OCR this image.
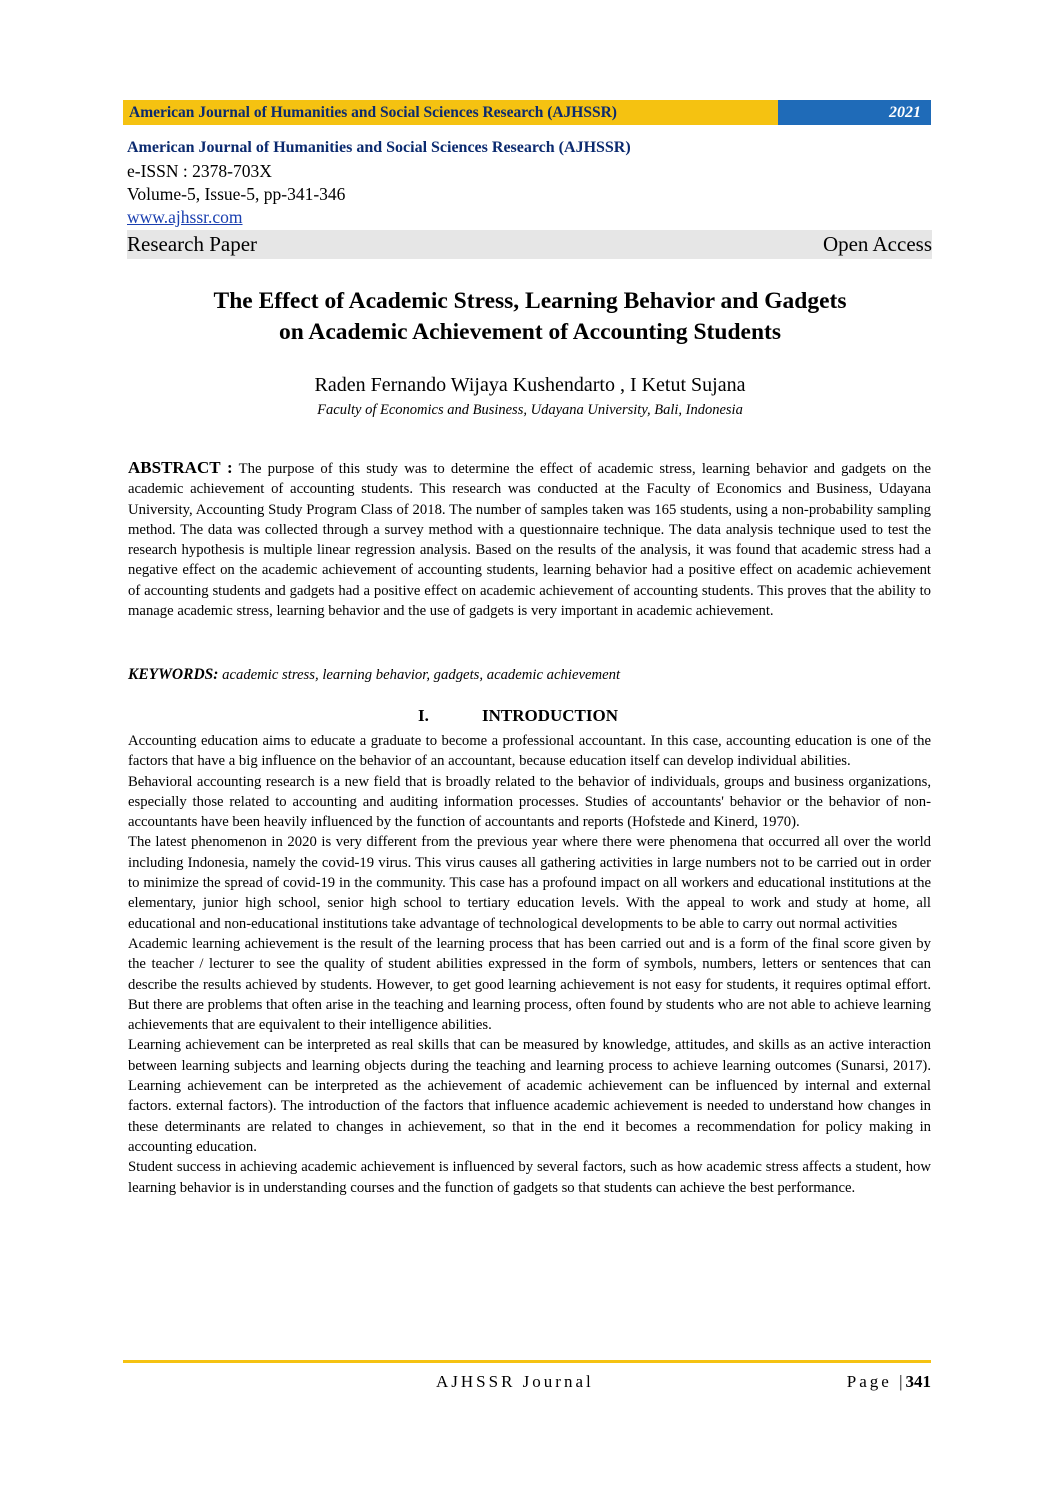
American Journal of Humanities and Social Sciences Research (AJHSSR)	2021
American Journal of Humanities and Social Sciences Research (AJHSSR)
e-ISSN : 2378-703X
Volume-5, Issue-5, pp-341-346
www.ajhssr.com
Research Paper	Open Access
The Effect of Academic Stress, Learning Behavior and Gadgets
on Academic Achievement of Accounting Students
Raden Fernando Wijaya Kushendarto , I Ketut Sujana
Faculty of Economics and Business, Udayana University, Bali, Indonesia
ABSTRACT : The purpose of this study was to determine the effect of academic stress, learning behavior and gadgets on the academic achievement of accounting students. This research was conducted at the Faculty of Economics and Business, Udayana University, Accounting Study Program Class of 2018. The number of samples taken was 165 students, using a non-probability sampling method. The data was collected through a survey method with a questionnaire technique. The data analysis technique used to test the research hypothesis is multiple linear regression analysis. Based on the results of the analysis, it was found that academic stress had a negative effect on the academic achievement of accounting students, learning behavior had a positive effect on academic achievement of accounting students and gadgets had a positive effect on academic achievement of accounting students. This proves that the ability to manage academic stress, learning behavior and the use of gadgets is very important in academic achievement.
KEYWORDS: academic stress, learning behavior, gadgets, academic achievement
I.	INTRODUCTION

Accounting education aims to educate a graduate to become a professional accountant. In this case, accounting education is one of the factors that have a big influence on the behavior of an accountant, because education itself can develop individual abilities.

Behavioral accounting research is a new field that is broadly related to the behavior of individuals, groups and business organizations, especially those related to accounting and auditing information processes. Studies of accountants' behavior or the behavior of non-accountants have been heavily influenced by the function of accountants and reports (Hofstede and Kinerd, 1970).

The latest phenomenon in 2020 is very different from the previous year where there were phenomena that occurred all over the world including Indonesia, namely the covid-19 virus. This virus causes all gathering activities in large numbers not to be carried out in order to minimize the spread of covid-19 in the community. This case has a profound impact on all workers and educational institutions at the elementary, junior high school, senior high school to tertiary education levels. With the appeal to work and study at home, all educational and non-educational institutions take advantage of technological developments to be able to carry out normal activities

Academic learning achievement is the result of the learning process that has been carried out and is a form of the final score given by the teacher / lecturer to see the quality of student abilities expressed in the form of symbols, numbers, letters or sentences that can describe the results achieved by students. However, to get good learning achievement is not easy for students, it requires optimal effort. But there are problems that often arise in the teaching and learning process, often found by students who are not able to achieve learning achievements that are equivalent to their intelligence abilities.

Learning achievement can be interpreted as real skills that can be measured by knowledge, attitudes, and skills as an active interaction between learning subjects and learning objects during the teaching and learning process to achieve learning outcomes (Sunarsi, 2017). Learning achievement can be interpreted as the achievement of academic achievement can be influenced by internal and external factors. external factors). The introduction of the factors that influence academic achievement is needed to understand how changes in these determinants are related to changes in achievement, so that in the end it becomes a recommendation for policy making in accounting education.

Student success in achieving academic achievement is influenced by several factors, such as how academic stress affects a student, how learning behavior is in understanding courses and the function of gadgets so that students can achieve the best performance.

AJHSSR Journal	Page |341
